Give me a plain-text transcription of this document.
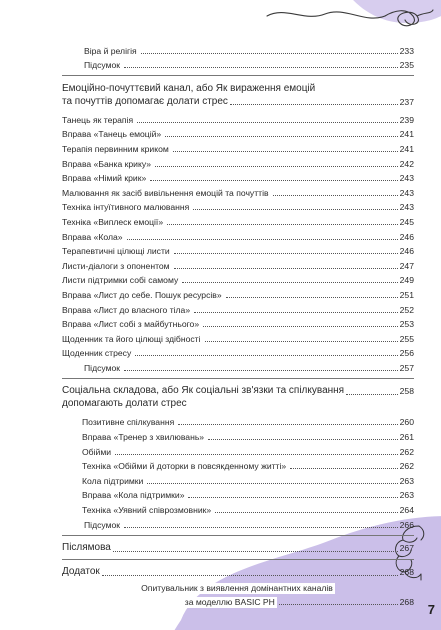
7
Віра й релігія	233
Підсумок	235
Емоційно-почуттєвий канал, або Як вираження емоцій
та почуттів допомагає долати стрес	237
Танець як терапія	239
Вправа «Танець емоцій»	241
Терапія первинним криком	241
Вправа «Банка крику»	242
Вправа «Німий крик»	243
Малювання як засіб вивільнення емоцій та почуттів	243
Техніка інтуїтивного малювання	243
Техніка «Виплеск емоції»	245
Вправа «Кола»	246
Терапевтичні цілющі листи	246
Листи-діалоги з опонентом	247
Листи підтримки собі самому	249
Вправа «Лист до себе. Пошук ресурсів»	251
Вправа «Лист до власного тіла»	252
Вправа «Лист собі з майбутнього»	253
Щоденник та його цілющі здібності	255
Щоденник стресу	256
Підсумок	257
Соціальна складова, або Як соціальні зв'язки та спілкування	258
допомагають долати стрес
Позитивне спілкування	260
Вправа «Тренер з хвилювань»	261
Обійми	262
Техніка «Обійми й доторки в повсякденному житті»	262
Кола підтримки	263
Вправа «Кола підтримки»	263
Техніка «Уявний співрозмовник»	264
Підсумок	266
Післямова	267
Додаток	268
Опитувальник з виявлення домінантних каналів
за моделлю BASIC PH	268
